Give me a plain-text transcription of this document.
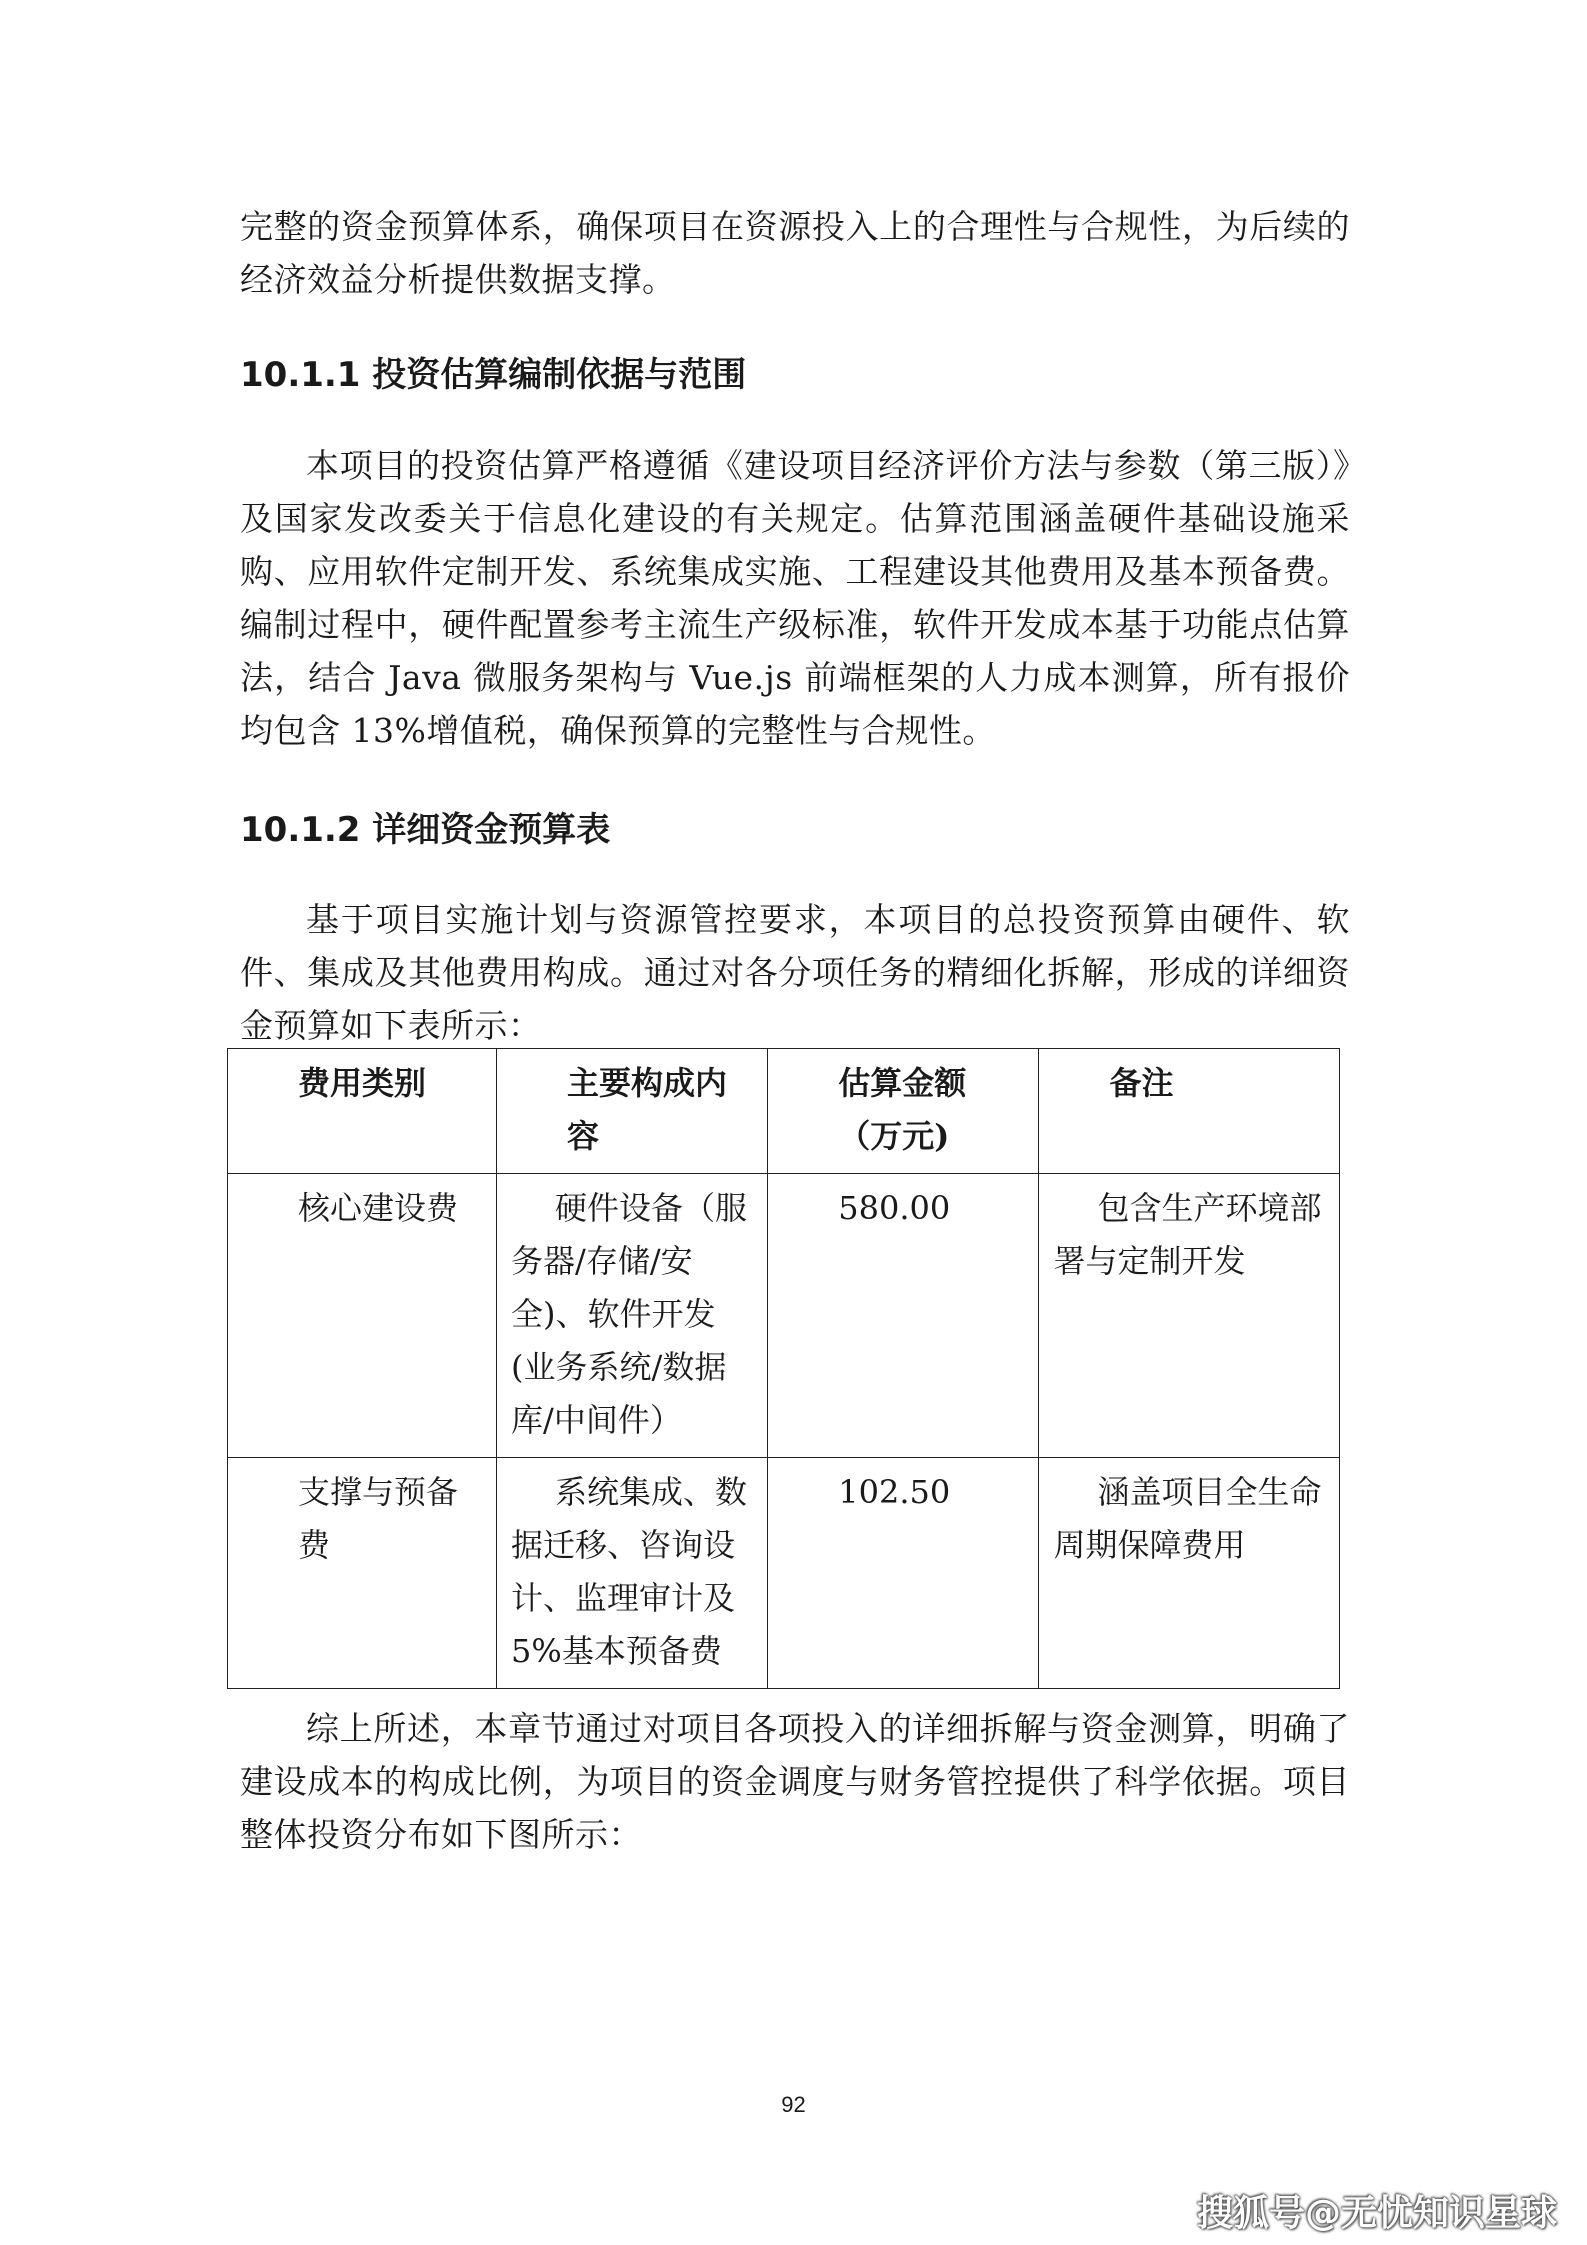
完整的资金预算体系，确保项目在资源投入上的合理性与合规性，为后续的经济效益分析提供数据支撑。

10.1.1 投资估算编制依据与范围

本项目的投资估算严格遵循《建设项目经济评价方法与参数（第三版）》及国家发改委关于信息化建设的有关规定。估算范围涵盖硬件基础设施采购、应用软件定制开发、系统集成实施、工程建设其他费用及基本预备费。编制过程中，硬件配置参考主流生产级标准，软件开发成本基于功能点估算法，结合 Java 微服务架构与 Vue.js 前端框架的人力成本测算，所有报价均包含 13%增值税，确保预算的完整性与合规性。

10.1.2 详细资金预算表

基于项目实施计划与资源管控要求，本项目的总投资预算由硬件、软件、集成及其他费用构成。通过对各分项任务的精细化拆解，形成的详细资金预算如下表所示：

费用类别	主要构成内容	估算金额（万元)	备注
核心建设费	硬件设备（服务器/存储/安全)、软件开发(业务系统/数据库/中间件）	580.00	包含生产环境部署与定制开发
支撑与预备费	系统集成、数据迁移、咨询设计、监理审计及 5%基本预备费	102.50	涵盖项目全生命周期保障费用

综上所述，本章节通过对项目各项投入的详细拆解与资金测算，明确了建设成本的构成比例，为项目的资金调度与财务管控提供了科学依据。项目整体投资分布如下图所示：

92
搜狐号@无忧知识星球
